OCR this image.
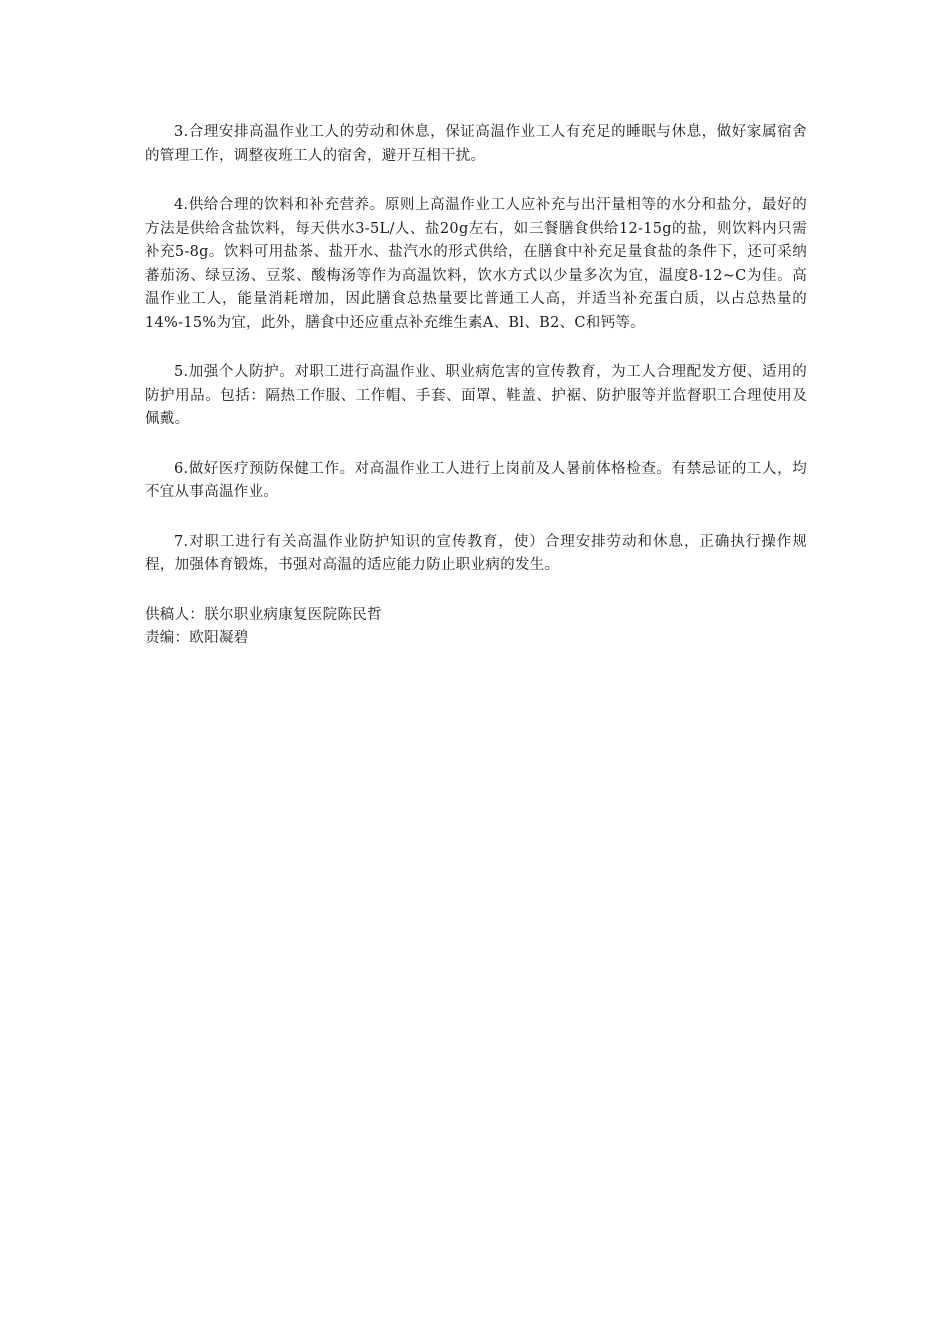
3.合理安排高温作业工人的劳动和休息，保证高温作业工人有充足的睡眠与休息，做好家属宿舍的管理工作，调整夜班工人的宿舍，避开互相干扰。

4.供给合理的饮料和补充营养。原则上高温作业工人应补充与出汗量相等的水分和盐分，最好的方法是供给含盐饮料，每天供水3-5L/人、盐20g左右，如三餐膳食供给12-15g的盐，则饮料内只需补充5-8g。饮料可用盐茶、盐开水、盐汽水的形式供给，在膳食中补充足量食盐的条件下，还可采纳蕃茄汤、绿豆汤、豆浆、酸梅汤等作为高温饮料，饮水方式以少量多次为宜，温度8-12~C为佳。高温作业工人，能量消耗增加，因此膳食总热量要比普通工人高，并适当补充蛋白质，以占总热量的14%-15%为宜，此外，膳食中还应重点补充维生素A、Bl、B2、C和钙等。

5.加强个人防护。对职工进行高温作业、职业病危害的宣传教育，为工人合理配发方便、适用的防护用品。包括：隔热工作服、工作帽、手套、面罩、鞋盖、护裾、防护服等并监督职工合理使用及佩戴。

6.做好医疗预防保健工作。对高温作业工人进行上岗前及人暑前体格检查。有禁忌证的工人，均不宜从事高温作业。

7.对职工进行有关高温作业防护知识的宣传教育，使）合理安排劳动和休息，正确执行操作规程，加强体育锻炼，书强对高温的适应能力防止职业病的发生。

供稿人：朕尔职业病康复医院陈民哲
责编：欧阳凝碧
